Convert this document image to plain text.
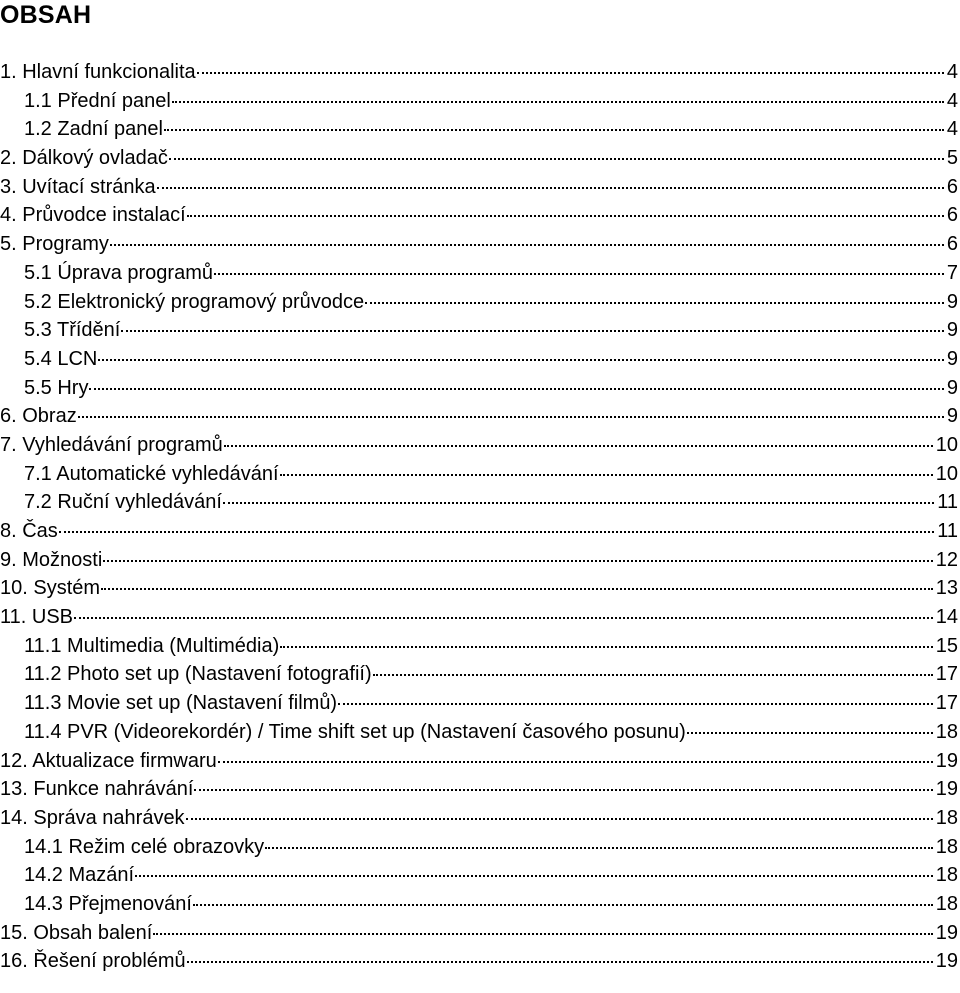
OBSAH
1. Hlavní funkcionalita	4
1.1 Přední panel	4
1.2 Zadní panel	4
2. Dálkový ovladač	5
3. Uvítací stránka	6
4. Průvodce instalací	6
5. Programy	6
5.1 Úprava programů	7
5.2 Elektronický programový průvodce	9
5.3 Třídění	9
5.4 LCN	9
5.5 Hry	9
6. Obraz	9
7. Vyhledávání programů	10
7.1 Automatické vyhledávání	10
7.2 Ruční vyhledávání	11
8. Čas	11
9. Možnosti	12
10. Systém	13
11. USB	14
11.1 Multimedia (Multimédia)	15
11.2 Photo set up (Nastavení fotografií)	17
11.3 Movie set up (Nastavení filmů)	17
11.4 PVR (Videorekordér) / Time shift set up (Nastavení časového posunu)	18
12. Aktualizace firmwaru	19
13. Funkce nahrávání	19
14. Správa nahrávek	18
14.1 Režim celé obrazovky	18
14.2 Mazání	18
14.3 Přejmenování	18
15. Obsah balení	19
16. Řešení problémů	19
